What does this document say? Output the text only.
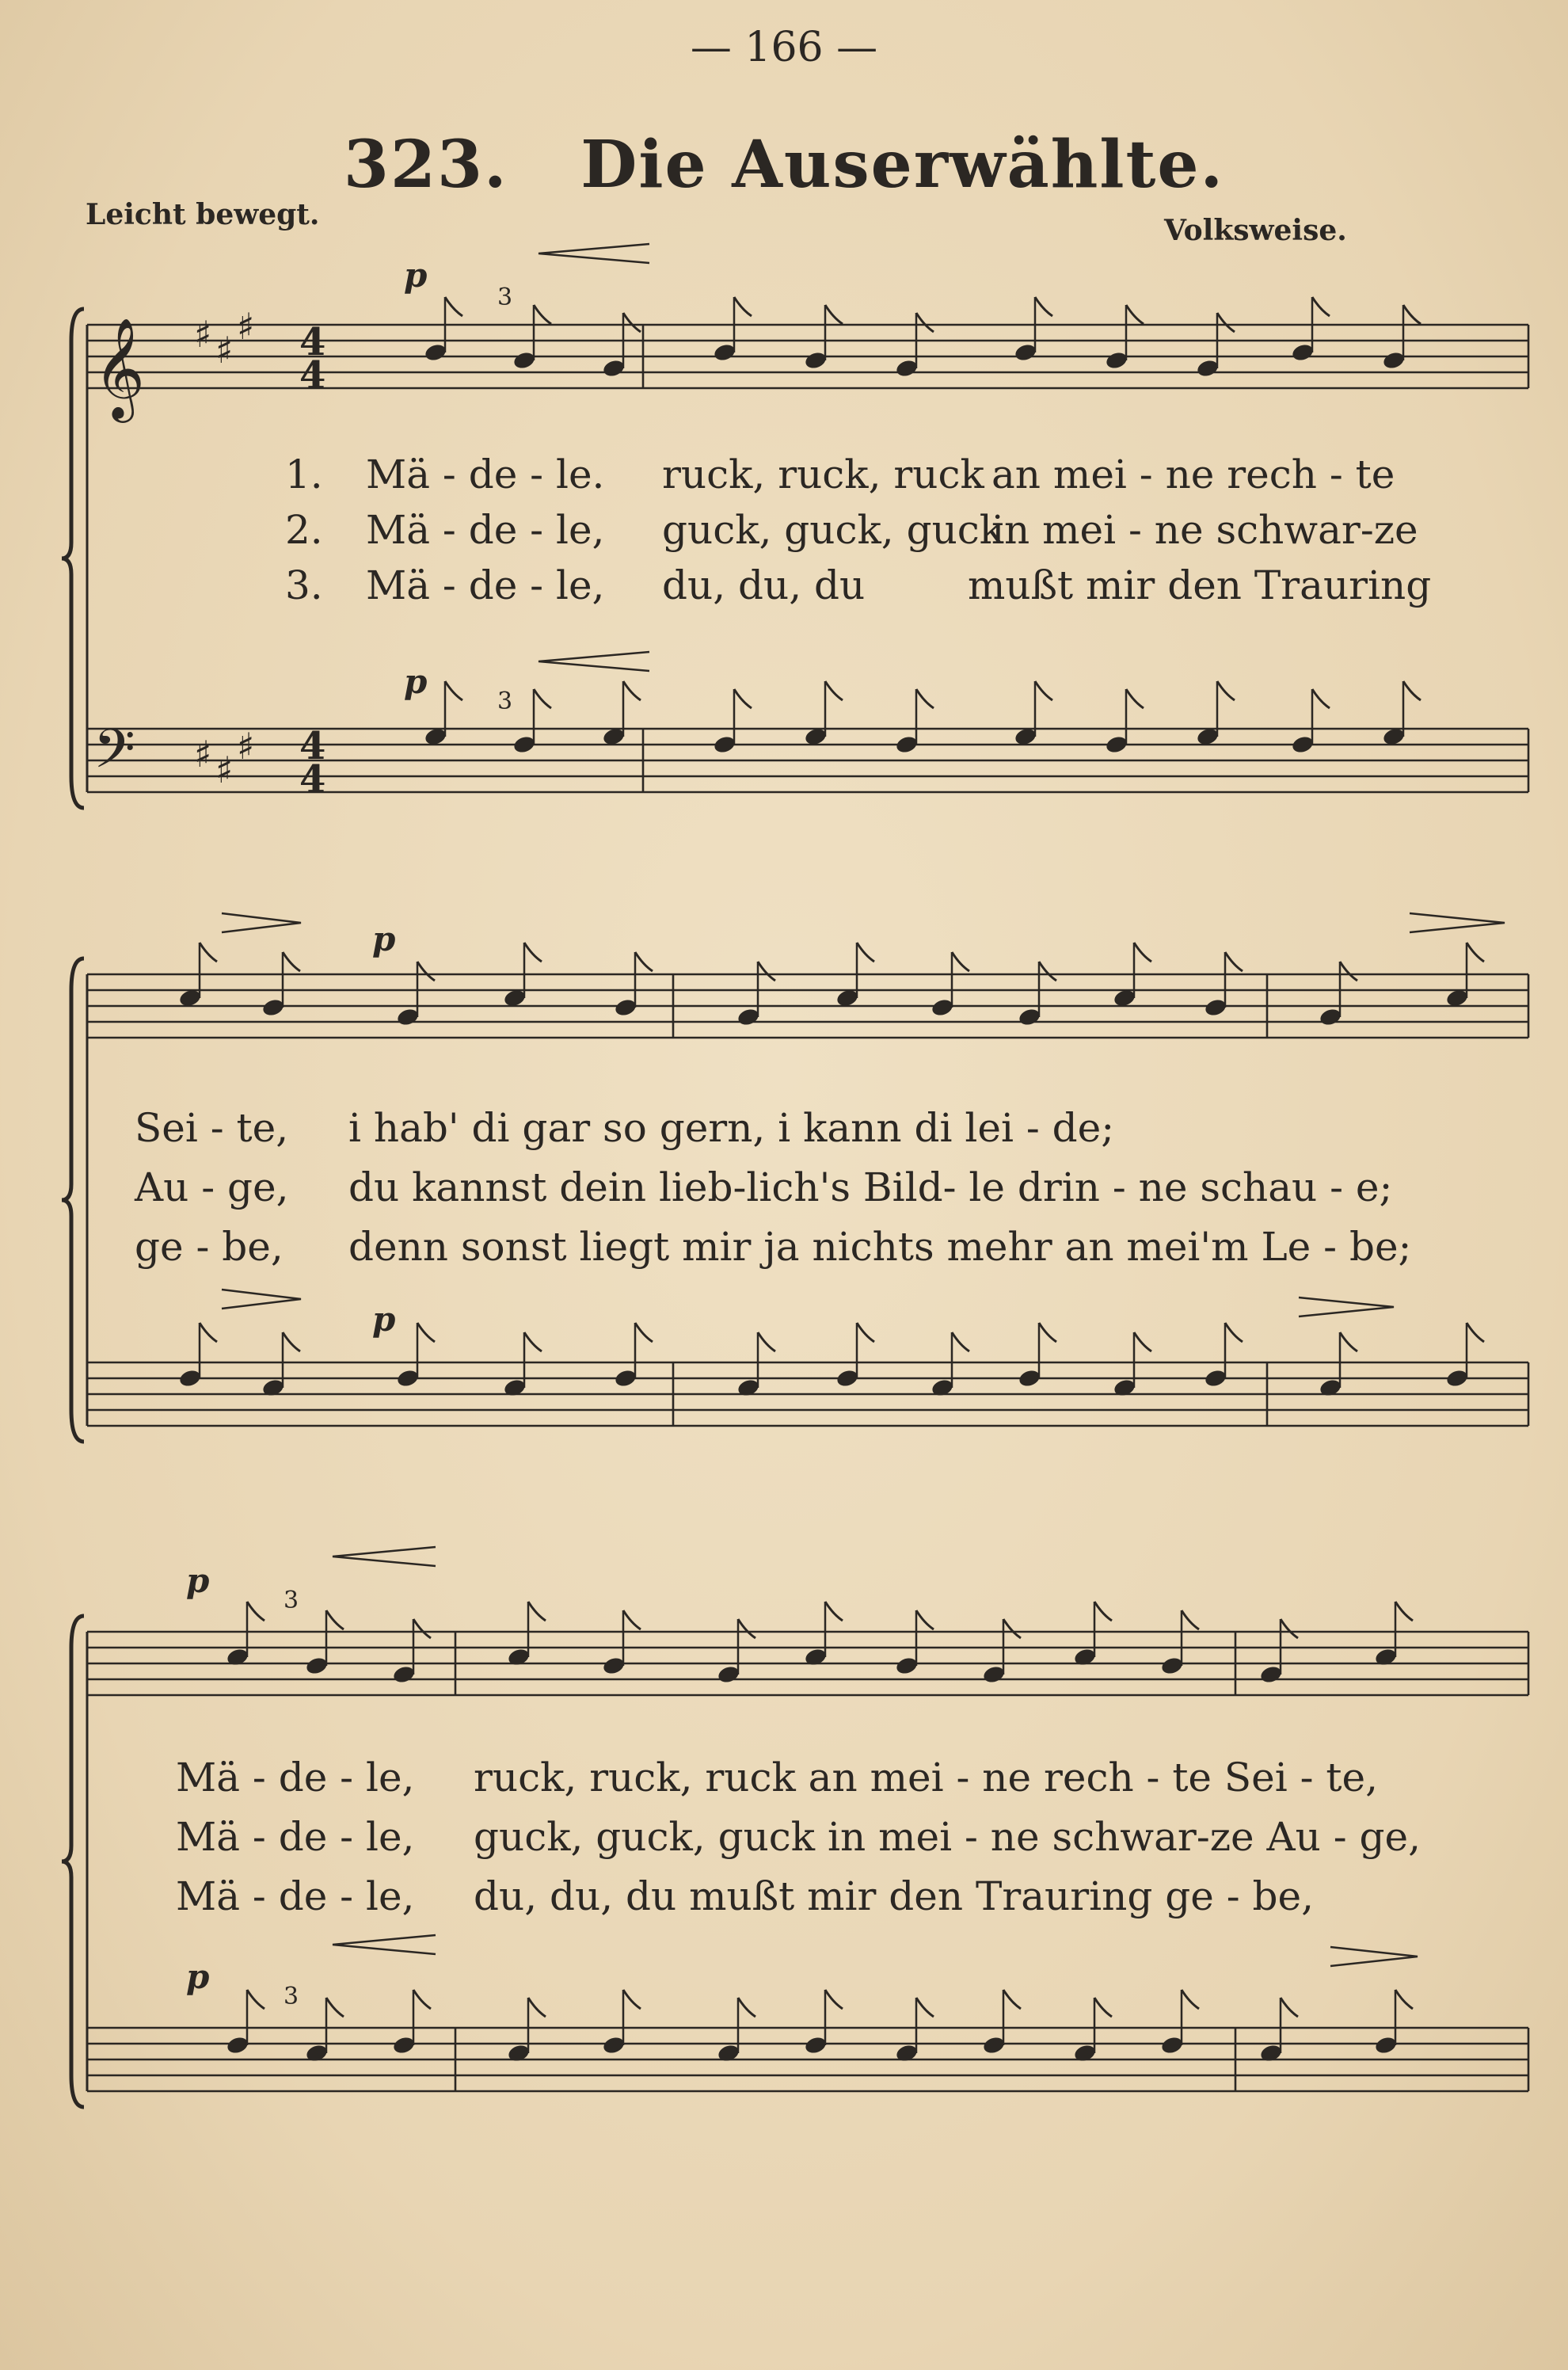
— 166 —
323. Die Auserwählte.
Leicht bewegt.	Volksweise.
𝄞
𝄢
♯ ♯
♯
♯ ♯
♯
4
4
4
4
p
p
3
3
p
p
p
p
3
3
1. Mä - de - le. ruck, ruck, ruck an mei - ne rech - te
2. Mä - de - le, guck, guck, guck
in mei - ne schwar-ze
3. Mä - de - le, du, du, du	mußt mir den Trauring
Sei - te, i hab' di gar so gern, i kann di lei - de;
Au - ge, du kannst dein lieb-lich's Bild- le drin - ne schau - e;
ge - be, denn sonst liegt mir ja nichts mehr an mei'm Le - be;
Mä - de - le, ruck, ruck, ruck an mei - ne rech - te Sei - te,
Mä - de - le, guck, guck, guck in mei - ne schwar-ze Au - ge,
Mä - de - le, du, du, du mußt mir den Trauring ge - be,
